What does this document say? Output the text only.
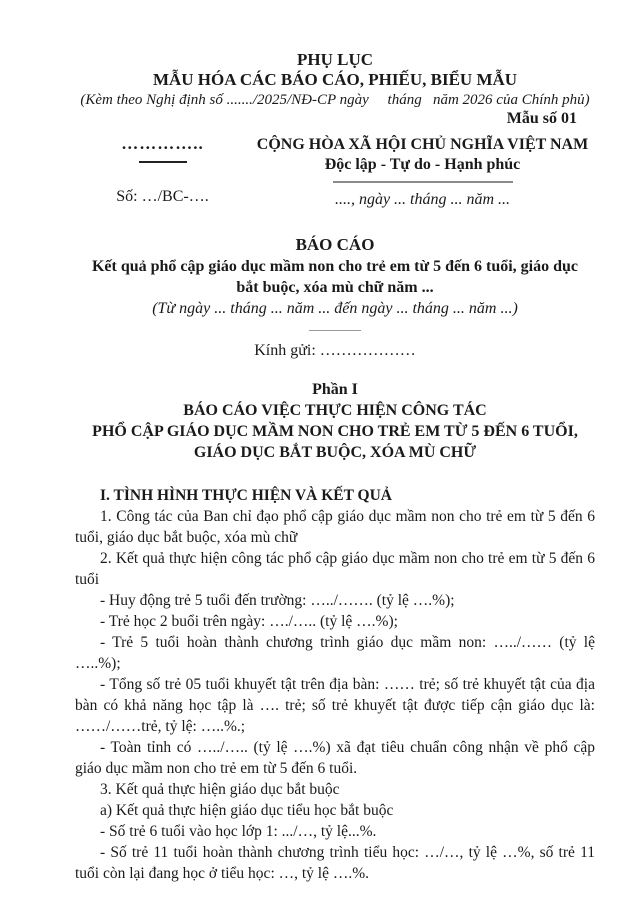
PHỤ LỤC
MẪU HÓA CÁC BÁO CÁO, PHIẾU, BIỂU MẪU
(Kèm theo Nghị định số ......./2025/NĐ-CP ngày     tháng   năm 2026 của Chính phủ)
Mẫu số 01
…………..
Số: …/BC-….
CỘNG HÒA XÃ HỘI CHỦ NGHĨA VIỆT NAM
Độc lập - Tự do - Hạnh phúc
...., ngày ... tháng ... năm ...
BÁO CÁO
Kết quả phổ cập giáo dục mầm non cho trẻ em từ 5 đến 6 tuổi, giáo dục bắt buộc, xóa mù chữ năm ...
(Từ ngày ... tháng ... năm ... đến ngày ... tháng ... năm ...)
Kính gửi: ………………
Phần I
BÁO CÁO VIỆC THỰC HIỆN CÔNG TÁC
PHỔ CẬP GIÁO DỤC MẦM NON CHO TRẺ EM TỪ 5 ĐẾN 6 TUỔI,
GIÁO DỤC BẮT BUỘC, XÓA MÙ CHỮ
I. TÌNH HÌNH THỰC HIỆN VÀ KẾT QUẢ
1. Công tác của Ban chỉ đạo phổ cập giáo dục mầm non cho trẻ em từ 5 đến 6 tuổi, giáo dục bắt buộc, xóa mù chữ
2. Kết quả thực hiện công tác phổ cập giáo dục mầm non cho trẻ em từ 5 đến 6 tuổi
- Huy động trẻ 5 tuổi đến trường: …../……. (tỷ lệ ….%);
- Trẻ học 2 buổi trên ngày: …./….. (tỷ lệ ….%);
- Trẻ 5 tuổi hoàn thành chương trình giáo dục mầm non: …../…… (tỷ lệ …..%);
- Tổng số trẻ 05 tuổi khuyết tật trên địa bàn: …… trẻ; số trẻ khuyết tật của địa bàn có khả năng học tập là …. trẻ; số trẻ khuyết tật được tiếp cận giáo dục là: ……/……trẻ, tỷ lệ: …..%.;
- Toàn tỉnh có …../….. (tỷ lệ ….%) xã đạt tiêu chuẩn công nhận về phổ cập giáo dục mầm non cho trẻ em từ 5 đến 6 tuổi.
3. Kết quả thực hiện giáo dục bắt buộc
a) Kết quả thực hiện giáo dục tiểu học bắt buộc
- Số trẻ 6 tuổi vào học lớp 1: .../…, tỷ lệ...%.
- Số trẻ 11 tuổi hoàn thành chương trình tiểu học: …/…, tỷ lệ …%, số trẻ 11 tuổi còn lại đang học ở tiểu học: …, tỷ lệ ….%.
